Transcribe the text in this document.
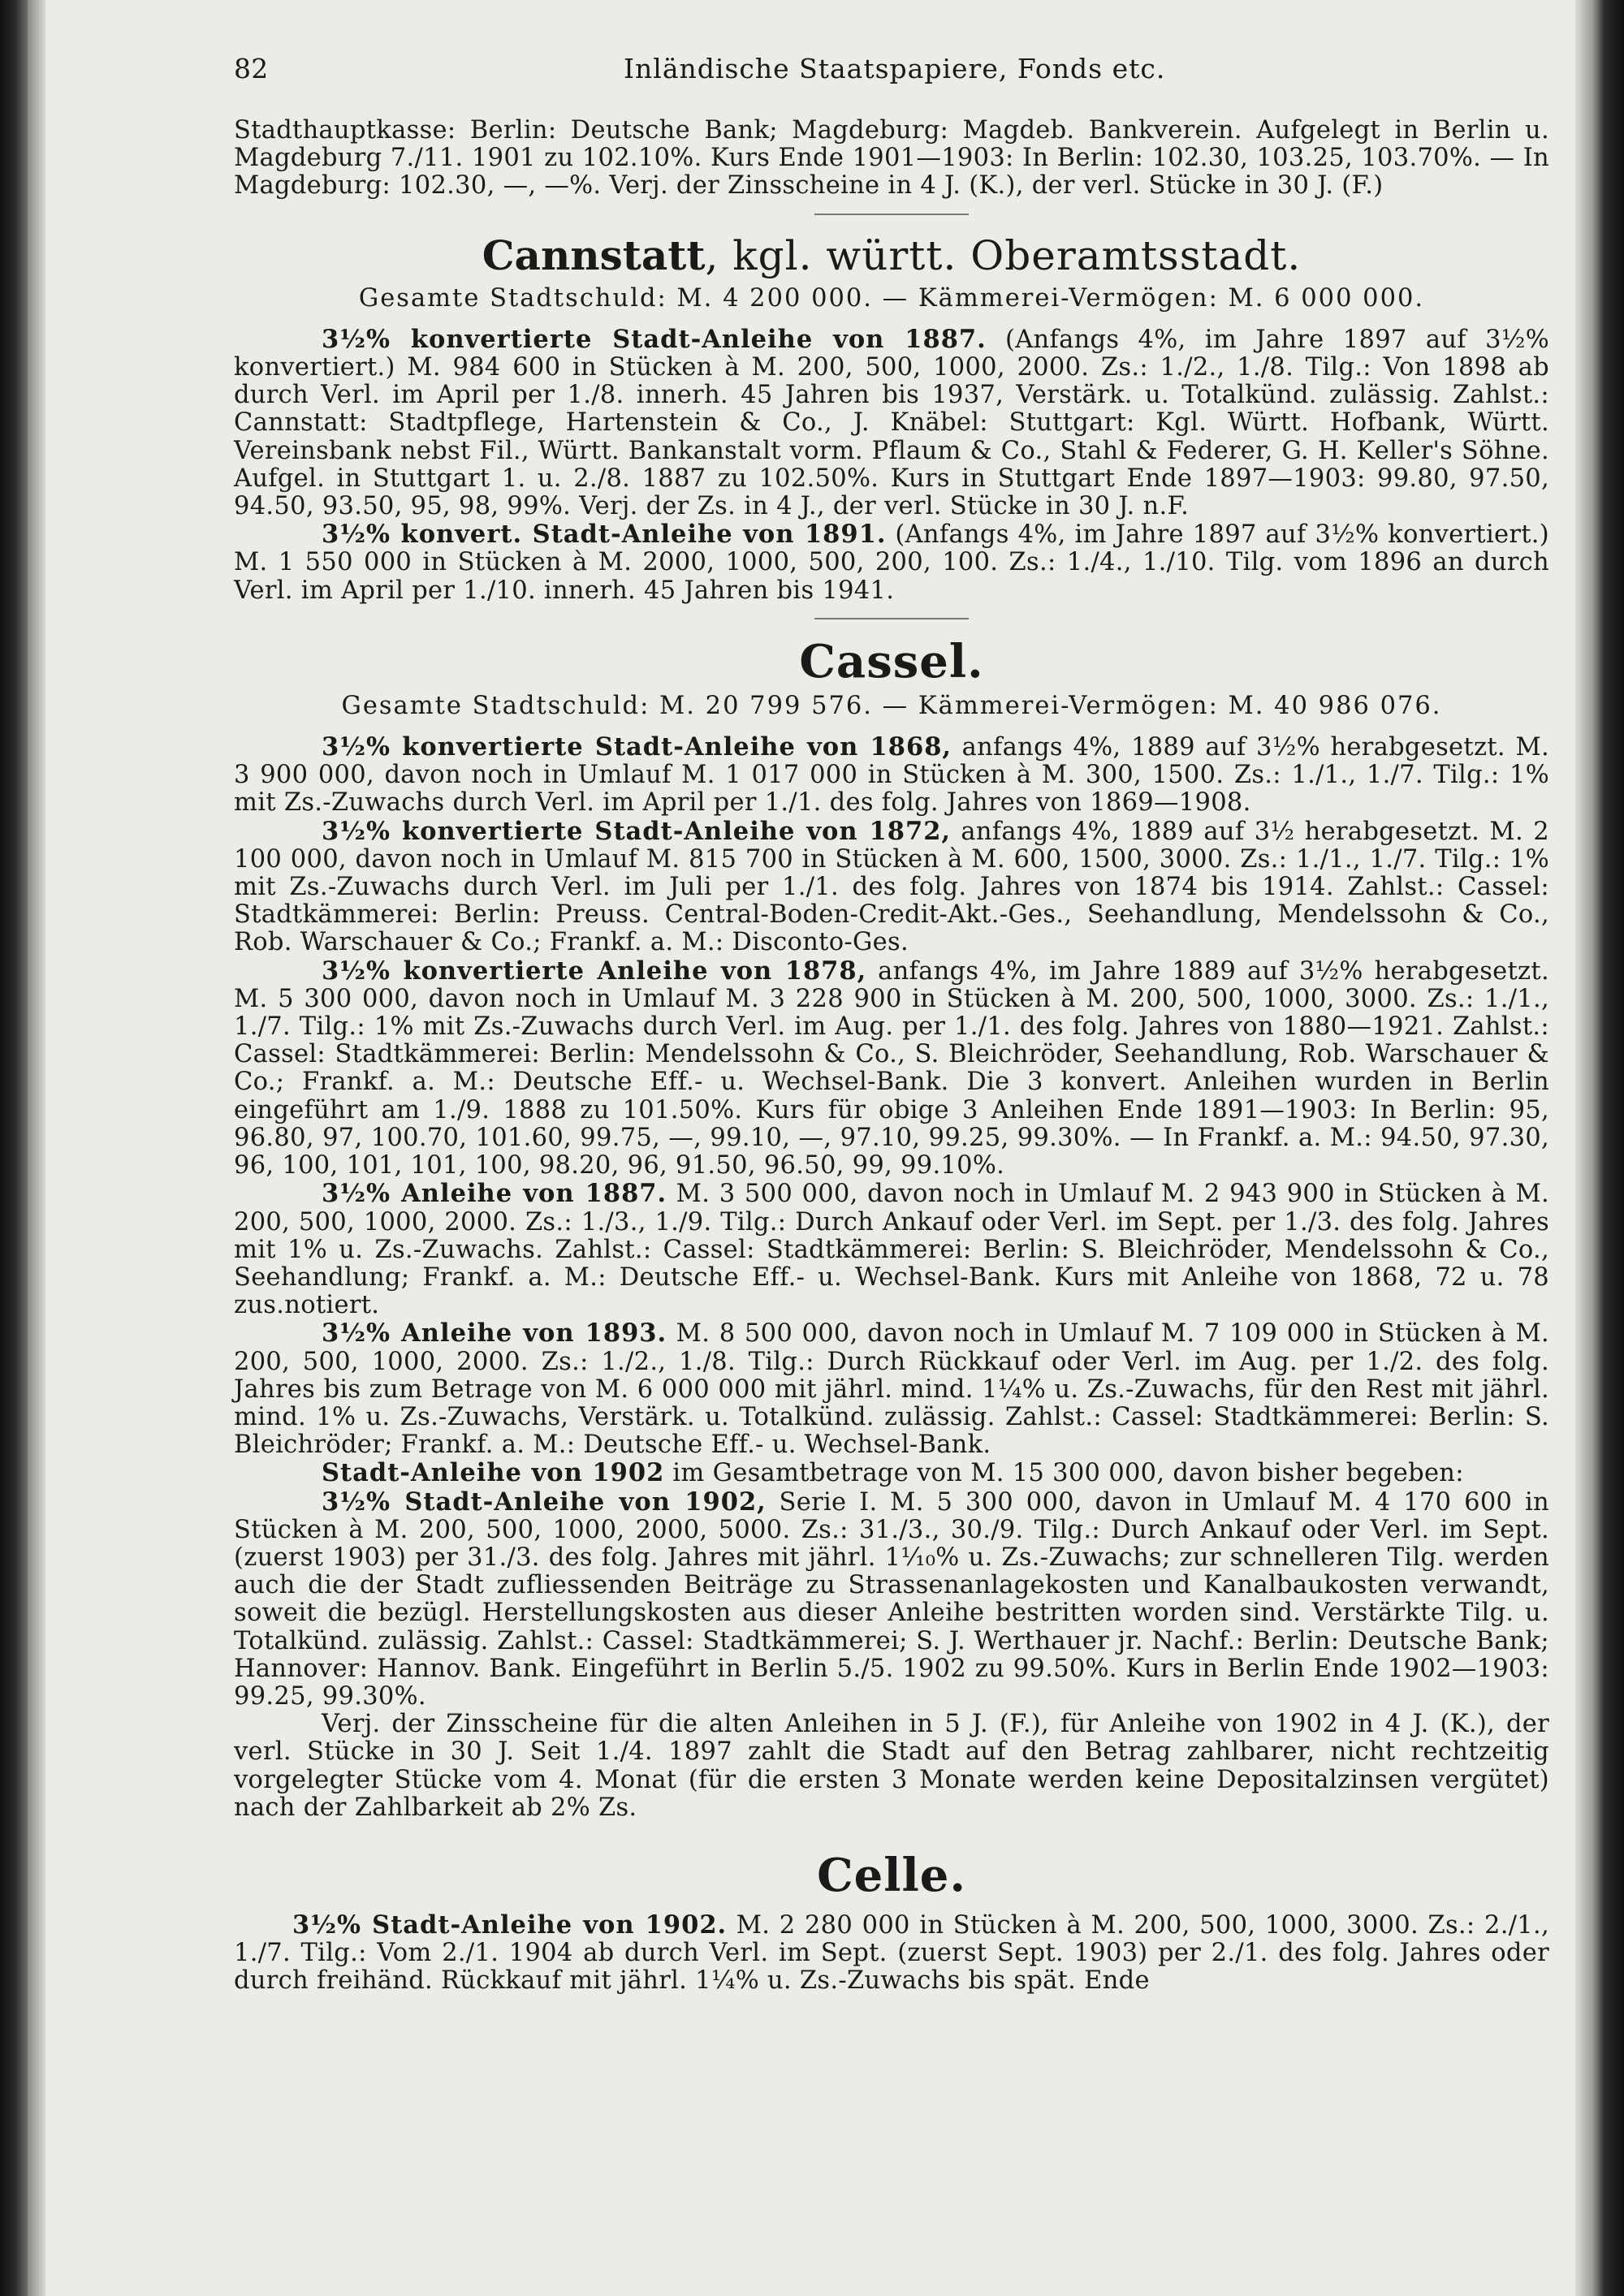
82	Inländische Staatspapiere, Fonds etc.

Stadthauptkasse: Berlin: Deutsche Bank; Magdeburg: Magdeb. Bankverein. Aufgelegt in Berlin u. Magdeburg 7./11. 1901 zu 102.10%. Kurs Ende 1901—1903: In Berlin: 102.30, 103.25, 103.70%. — In Magdeburg: 102.30, —, —%. Verj. der Zinsscheine in 4 J. (K.), der verl. Stücke in 30 J. (F.)

Cannstatt, kgl. württ. Oberamtsstadt.
Gesamte Stadtschuld: M. 4 200 000. — Kämmerei-Vermögen: M. 6 000 000.

3½% konvertierte Stadt-Anleihe von 1887. (Anfangs 4%, im Jahre 1897 auf 3½% konvertiert.) M. 984 600 in Stücken à M. 200, 500, 1000, 2000. Zs.: 1./2., 1./8. Tilg.: Von 1898 ab durch Verl. im April per 1./8. innerh. 45 Jahren bis 1937, Verstärk. u. Totalkünd. zulässig. Zahlst.: Cannstatt: Stadtpflege, Hartenstein & Co., J. Knäbel: Stuttgart: Kgl. Württ. Hofbank, Württ. Vereinsbank nebst Fil., Württ. Bankanstalt vorm. Pflaum & Co., Stahl & Federer, G. H. Keller's Söhne. Aufgel. in Stuttgart 1. u. 2./8. 1887 zu 102.50%. Kurs in Stuttgart Ende 1897—1903: 99.80, 97.50, 94.50, 93.50, 95, 98, 99%. Verj. der Zs. in 4 J., der verl. Stücke in 30 J. n.F.

3½% konvert. Stadt-Anleihe von 1891. (Anfangs 4%, im Jahre 1897 auf 3½% konvertiert.) M. 1 550 000 in Stücken à M. 2000, 1000, 500, 200, 100. Zs.: 1./4., 1./10. Tilg. vom 1896 an durch Verl. im April per 1./10. innerh. 45 Jahren bis 1941.

Cassel.
Gesamte Stadtschuld: M. 20 799 576. — Kämmerei-Vermögen: M. 40 986 076.

3½% konvertierte Stadt-Anleihe von 1868, anfangs 4%, 1889 auf 3½% herabgesetzt. M. 3 900 000, davon noch in Umlauf M. 1 017 000 in Stücken à M. 300, 1500. Zs.: 1./1., 1./7. Tilg.: 1% mit Zs.-Zuwachs durch Verl. im April per 1./1. des folg. Jahres von 1869—1908.

3½% konvertierte Stadt-Anleihe von 1872, anfangs 4%, 1889 auf 3½ herabgesetzt. M. 2 100 000, davon noch in Umlauf M. 815 700 in Stücken à M. 600, 1500, 3000. Zs.: 1./1., 1./7. Tilg.: 1% mit Zs.-Zuwachs durch Verl. im Juli per 1./1. des folg. Jahres von 1874 bis 1914. Zahlst.: Cassel: Stadtkämmerei: Berlin: Preuss. Central-Boden-Credit-Akt.-Ges., Seehandlung, Mendelssohn & Co., Rob. Warschauer & Co.; Frankf. a. M.: Disconto-Ges.

3½% konvertierte Anleihe von 1878, anfangs 4%, im Jahre 1889 auf 3½% herabgesetzt. M. 5 300 000, davon noch in Umlauf M. 3 228 900 in Stücken à M. 200, 500, 1000, 3000. Zs.: 1./1., 1./7. Tilg.: 1% mit Zs.-Zuwachs durch Verl. im Aug. per 1./1. des folg. Jahres von 1880—1921. Zahlst.: Cassel: Stadtkämmerei: Berlin: Mendelssohn & Co., S. Bleichröder, Seehandlung, Rob. Warschauer & Co.; Frankf. a. M.: Deutsche Eff.- u. Wechsel-Bank. Die 3 konvert. Anleihen wurden in Berlin eingeführt am 1./9. 1888 zu 101.50%. Kurs für obige 3 Anleihen Ende 1891—1903: In Berlin: 95, 96.80, 97, 100.70, 101.60, 99.75, —, 99.10, —, 97.10, 99.25, 99.30%. — In Frankf. a. M.: 94.50, 97.30, 96, 100, 101, 101, 100, 98.20, 96, 91.50, 96.50, 99, 99.10%.

3½% Anleihe von 1887. M. 3 500 000, davon noch in Umlauf M. 2 943 900 in Stücken à M. 200, 500, 1000, 2000. Zs.: 1./3., 1./9. Tilg.: Durch Ankauf oder Verl. im Sept. per 1./3. des folg. Jahres mit 1% u. Zs.-Zuwachs. Zahlst.: Cassel: Stadtkämmerei: Berlin: S. Bleichröder, Mendelssohn & Co., Seehandlung; Frankf. a. M.: Deutsche Eff.- u. Wechsel-Bank. Kurs mit Anleihe von 1868, 72 u. 78 zus.notiert.

3½% Anleihe von 1893. M. 8 500 000, davon noch in Umlauf M. 7 109 000 in Stücken à M. 200, 500, 1000, 2000. Zs.: 1./2., 1./8. Tilg.: Durch Rückkauf oder Verl. im Aug. per 1./2. des folg. Jahres bis zum Betrage von M. 6 000 000 mit jährl. mind. 1¼% u. Zs.-Zuwachs, für den Rest mit jährl. mind. 1% u. Zs.-Zuwachs, Verstärk. u. Totalkünd. zulässig. Zahlst.: Cassel: Stadtkämmerei: Berlin: S. Bleichröder; Frankf. a. M.: Deutsche Eff.- u. Wechsel-Bank.

Stadt-Anleihe von 1902 im Gesamtbetrage von M. 15 300 000, davon bisher begeben:

3½% Stadt-Anleihe von 1902, Serie I. M. 5 300 000, davon in Umlauf M. 4 170 600 in Stücken à M. 200, 500, 1000, 2000, 5000. Zs.: 31./3., 30./9. Tilg.: Durch Ankauf oder Verl. im Sept. (zuerst 1903) per 31./3. des folg. Jahres mit jährl. 1¹⁄₁₀% u. Zs.-Zuwachs; zur schnelleren Tilg. werden auch die der Stadt zufliessenden Beiträge zu Strassenanlagekosten und Kanalbaukosten verwandt, soweit die bezügl. Herstellungskosten aus dieser Anleihe bestritten worden sind. Verstärkte Tilg. u. Totalkünd. zulässig. Zahlst.: Cassel: Stadtkämmerei; S. J. Werthauer jr. Nachf.: Berlin: Deutsche Bank; Hannover: Hannov. Bank. Eingeführt in Berlin 5./5. 1902 zu 99.50%. Kurs in Berlin Ende 1902—1903: 99.25, 99.30%.

Verj. der Zinsscheine für die alten Anleihen in 5 J. (F.), für Anleihe von 1902 in 4 J. (K.), der verl. Stücke in 30 J. Seit 1./4. 1897 zahlt die Stadt auf den Betrag zahlbarer, nicht rechtzeitig vorgelegter Stücke vom 4. Monat (für die ersten 3 Monate werden keine Depositalzinsen vergütet) nach der Zahlbarkeit ab 2% Zs.

Celle.

3½% Stadt-Anleihe von 1902. M. 2 280 000 in Stücken à M. 200, 500, 1000, 3000. Zs.: 2./1., 1./7. Tilg.: Vom 2./1. 1904 ab durch Verl. im Sept. (zuerst Sept. 1903) per 2./1. des folg. Jahres oder durch freihänd. Rückkauf mit jährl. 1¼% u. Zs.-Zuwachs bis spät. Ende
